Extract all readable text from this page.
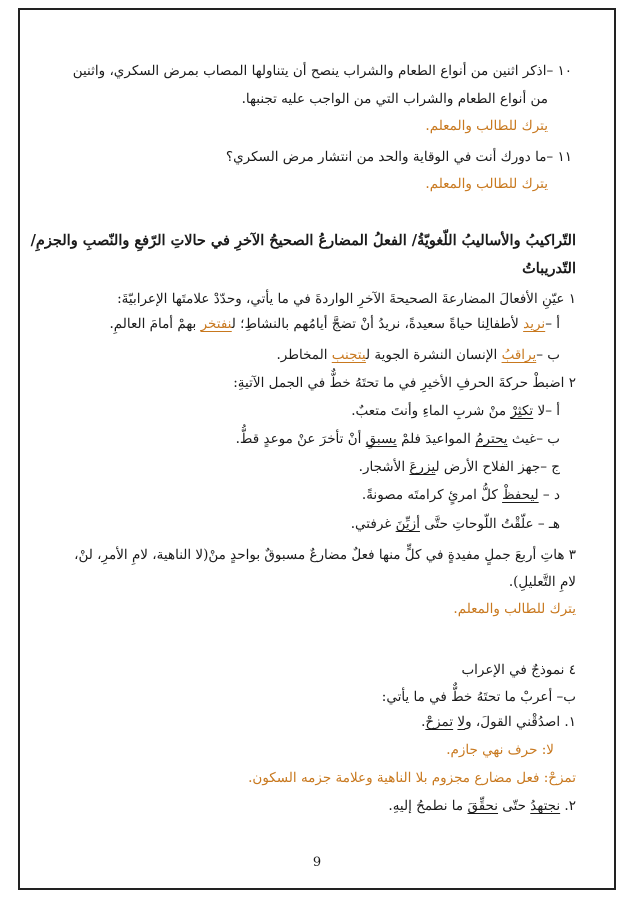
١٠ –اذكر اثنين من أنواع الطعام والشراب ينصح أن يتناولها المصاب بمرض السكري، واثنين
من أنواع الطعام والشراب التي من الواجب عليه تجنبها.
يترك للطالب والمعلم.
١١ –ما دورك أنت في الوقاية والحد من انتشار مرض السكري؟
يترك للطالب والمعلم.
التّراكيبُ والأساليبُ اللّغويّةُ/ الفعلُ المضارعُ الصحيحُ الآخرِ في حالاتِ الرّفعِ والنّصبِ والجزمِ/
التّدريباتُ
١ عيّنِ الأفعالَ المضارعةَ الصحيحةَ الآخرِ الواردةَ في ما يأتي، وحدّدْ علامتَها الإعرابيّةَ:
أ –نريد لأطفالِنا حياةً سعيدةً، نريدُ أنْ تضجَّ أيامُهم بالنشاطِ؛ لنفتخر بهمْ أمامَ العالمِ.
ب –يراقبُ الإنسان النشرة الجوية ليتجنب المخاطر.
٢ اضبطْ حركةَ الحرفِ الأخيرِ في ما تحتَهُ خطٌّ في الجمل الآتيةِ:
أ –لا تكثِرْ منْ شربِ الماءِ وأنتَ متعبٌ.
ب –غيث يحترمُ المواعيدَ فلمْ يسبقِ أنْ تأخرَ عنْ موعدٍ قطُّ.
ج –جهز الفلاح الأرض ليزرعَ الأشجار.
د – ليحفظْ كلُّ امرئٍ كرامتَه مصونةً.
هـ – علّقْتُ اللّوحاتِ حتَّى أزيِّنَ غرفتي.
٣ هاتِ أربعَ جملٍ مفيدةٍ في كلٍّ منها فعلٌ مضارعٌ مسبوقٌ بواحدٍ منْ(لا الناهية، لامِ الأمرِ، لنْ،
لامِ التَّعليلِ).
يترك للطالب والمعلم.
٤ نموذجٌ في الإعراب
ب– أعربْ ما تحتَهُ خطٌّ في ما يأتي:
١. اصدُقْني القولَ، ولا تمزحْ.
لا: حرف نهي جازم.
تمزحْ: فعل مضارع مجزوم بلا الناهية وعلامة جزمه السكون.
٢. نجتهدُ حتّى نحقِّقَ ما نطمحُ إليهِ.
9
